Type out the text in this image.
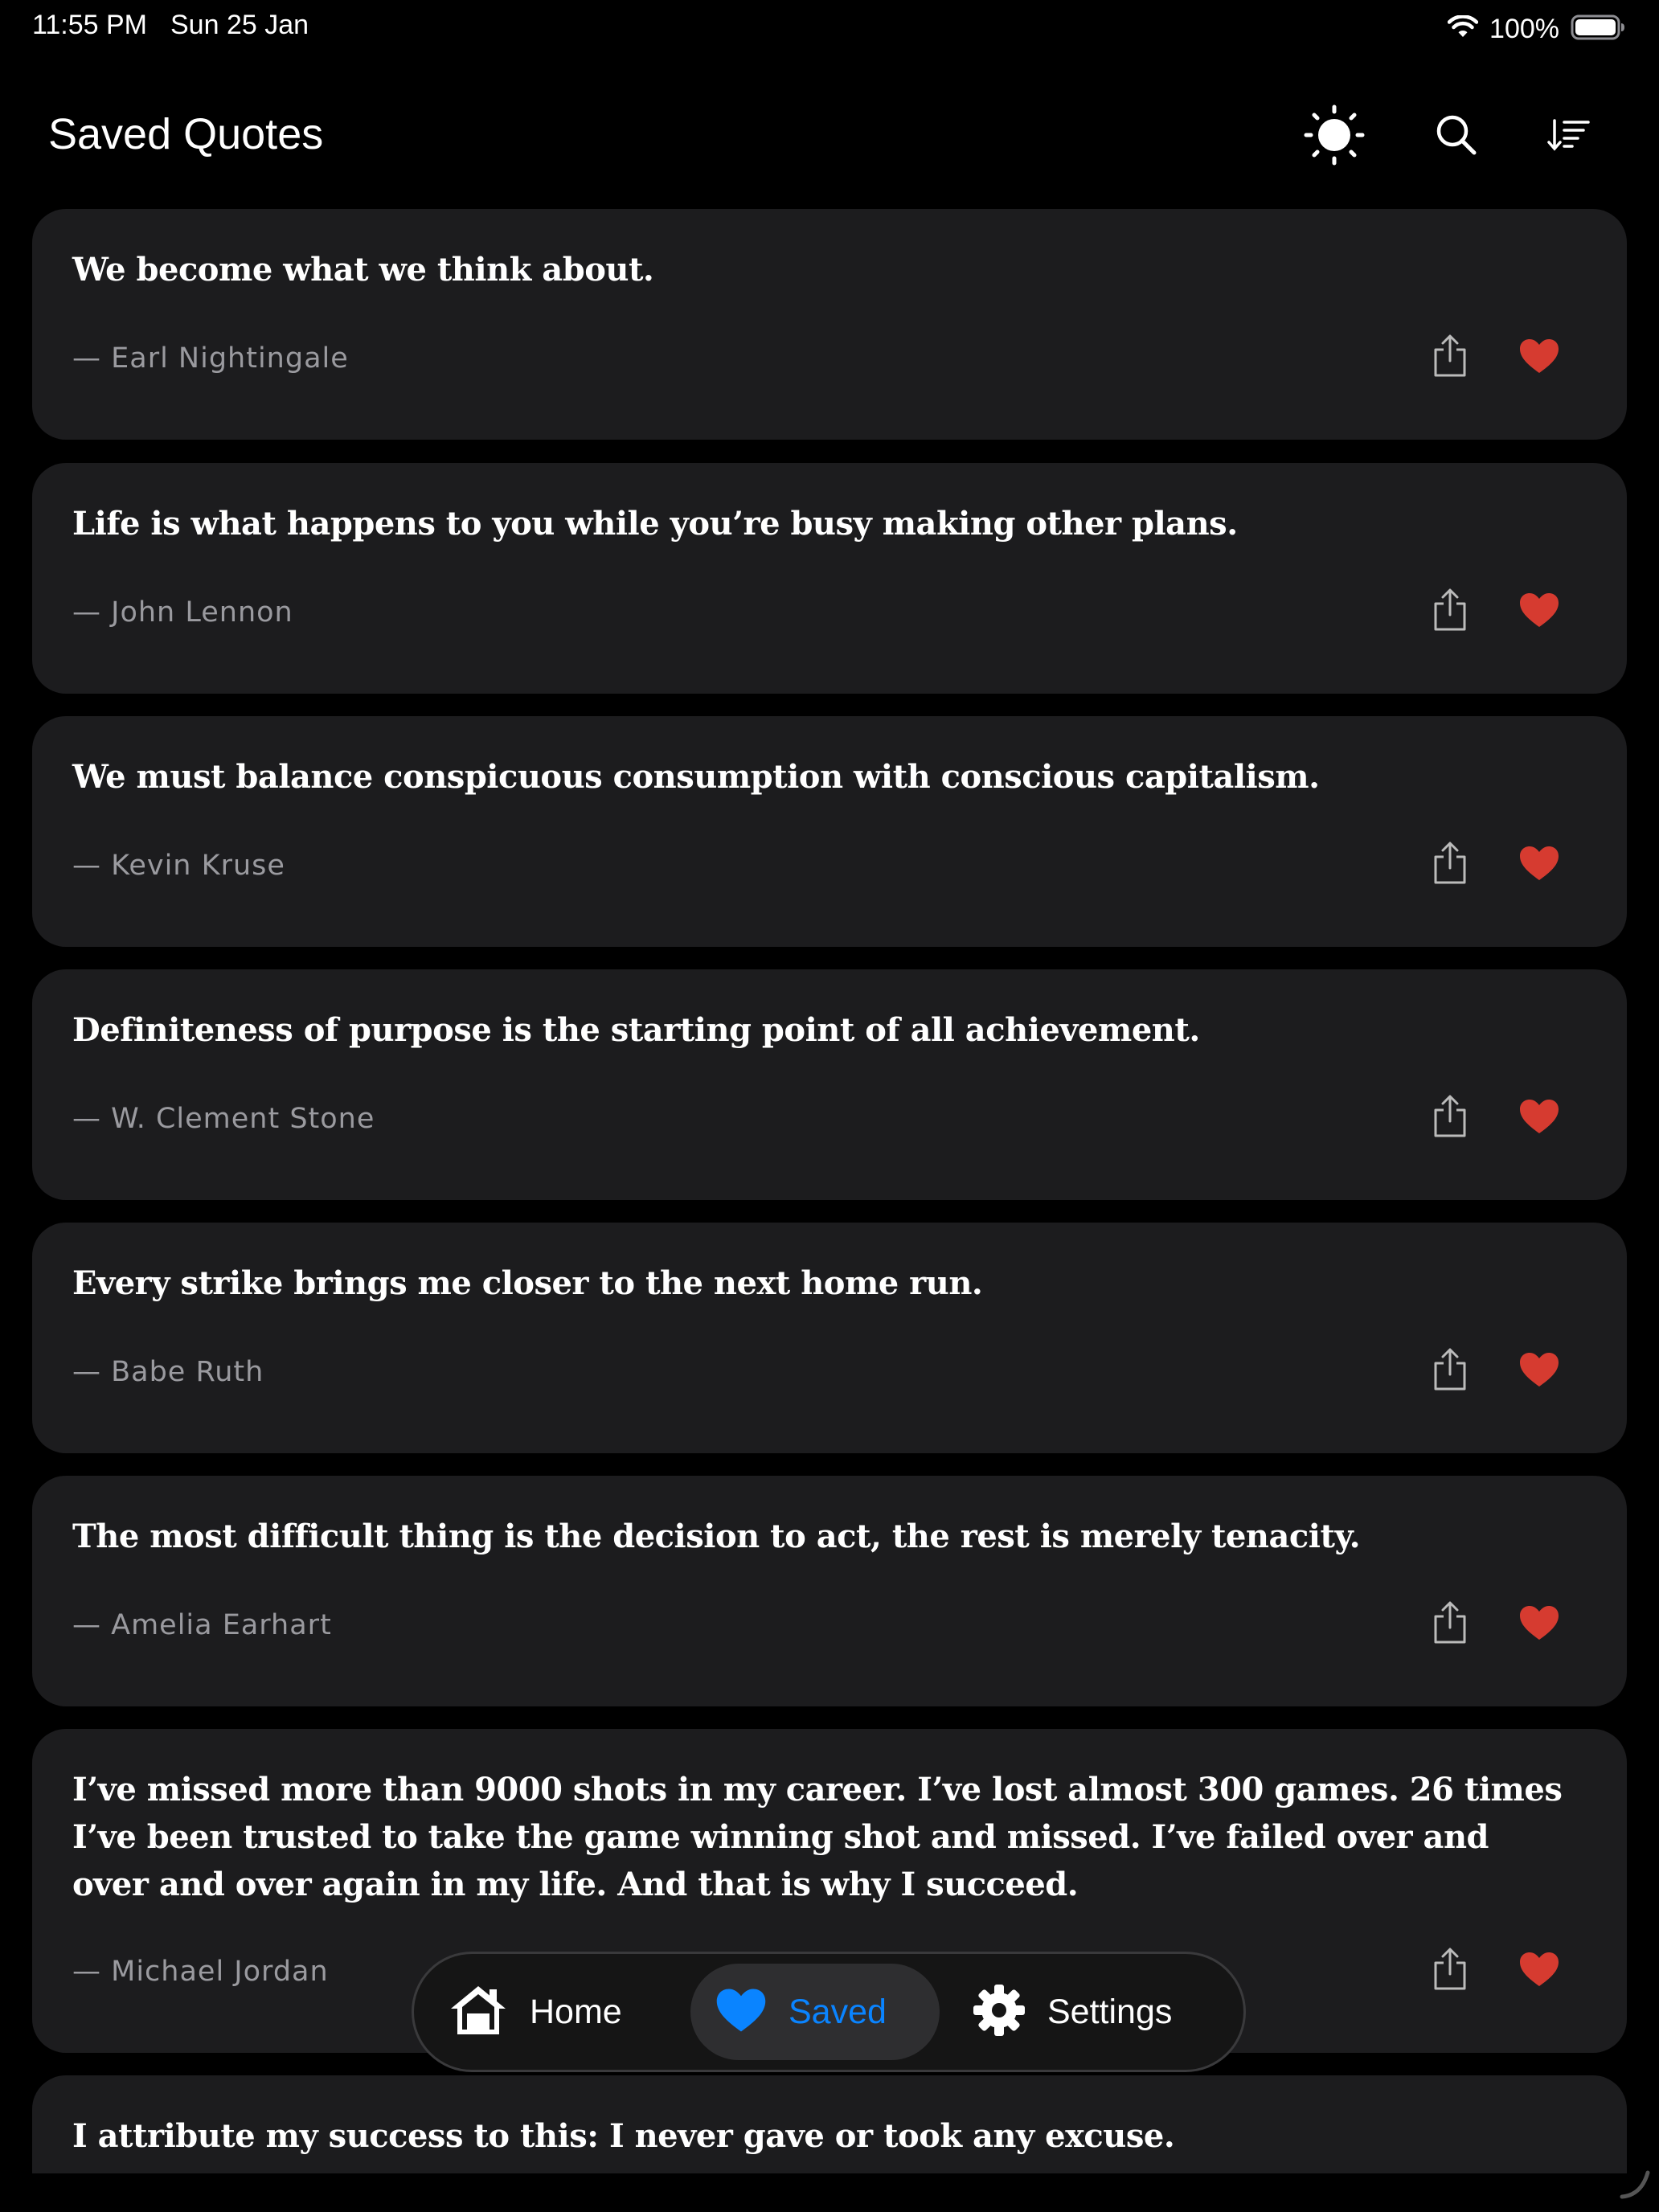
11:55 PM Sun 25 Jan	100%
Saved Quotes
We become what we think about.
— Earl Nightingale
Life is what happens to you while you’re busy making other plans.
— John Lennon
We must balance conspicuous consumption with conscious capitalism.
— Kevin Kruse
Definiteness of purpose is the starting point of all achievement.
— W. Clement Stone
Every strike brings me closer to the next home run.
— Babe Ruth
The most difficult thing is the decision to act, the rest is merely tenacity.
— Amelia Earhart
I’ve missed more than 9000 shots in my career. I’ve lost almost 300 games. 26 times I’ve been trusted to take the game winning shot and missed. I’ve failed over and over and over again in my life. And that is why I succeed.
— Michael Jordan
I attribute my success to this: I never gave or took any excuse.
Home	Saved	Settings
